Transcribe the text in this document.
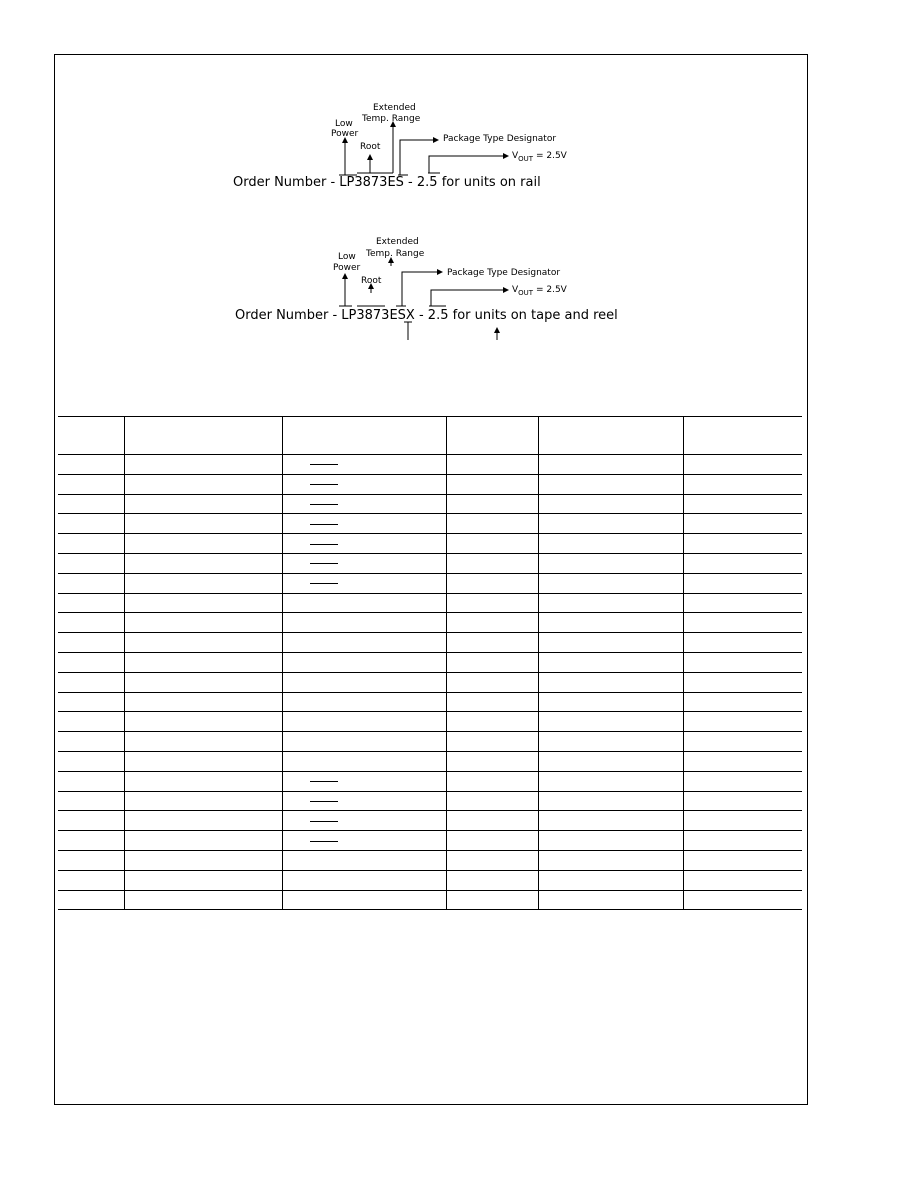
Order Number - LP3873ES - 2.5 for units on rail
Low
Power
Root
Extended
Temp. Range
Package Type Designator
$V_{OUT} = 2.5V$
Order Number - LP3873ESX - 2.5 for units on tape and reel
Low
Power
Root
Extended
Temp. Range
Package Type Designator
$V_{OUT} = 2.5V$
